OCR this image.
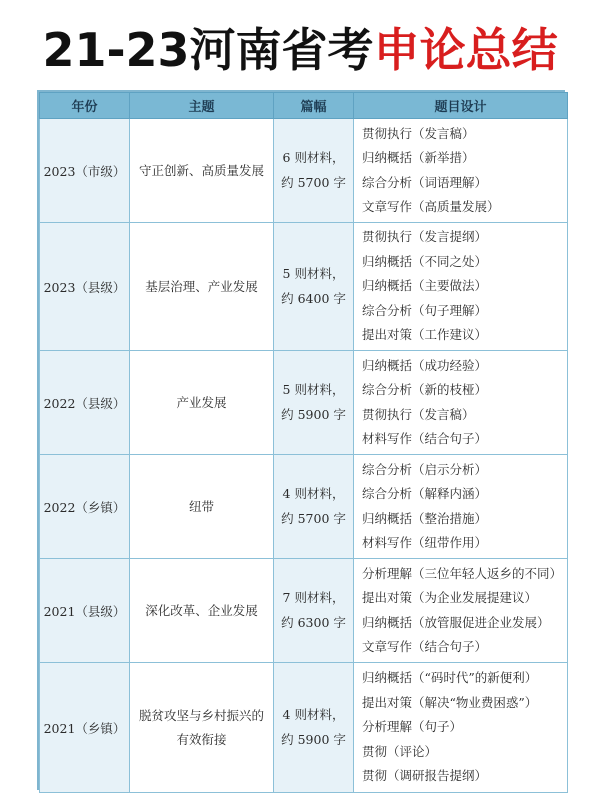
21-23河南省考申论总结
年份	主题	篇幅	题目设计
2023（市级）	守正创新、高质量发展	6 则材料，
约 5700 字	贯彻执行（发言稿）
归纳概括（新举措）
综合分析（词语理解）
文章写作（高质量发展）

2023（县级）	基层治理、产业发展	5 则材料，
约 6400 字	贯彻执行（发言提纲）
归纳概括（不同之处）
归纳概括（主要做法）
综合分析（句子理解）
提出对策（工作建议）

2022（县级）	产业发展	5 则材料，
约 5900 字	归纳概括（成功经验）
综合分析（新的枝桠）
贯彻执行（发言稿）
材料写作（结合句子）

2022（乡镇）	纽带	4 则材料，
约 5700 字	综合分析（启示分析）
综合分析（解释内涵）
归纳概括（整治措施）
材料写作（纽带作用）

2021（县级）	深化改革、企业发展	7 则材料，
约 6300 字	分析理解（三位年轻人返乡的不同）
提出对策（为企业发展提建议）
归纳概括（放管服促进企业发展）
文章写作（结合句子）

2021（乡镇）	脱贫攻坚与乡村振兴的有效衔接	4 则材料，
约 5900 字	归纳概括（“码时代”的新便利）
提出对策（解决“物业费困惑”）
分析理解（句子）
贯彻（评论）
贯彻（调研报告提纲）
